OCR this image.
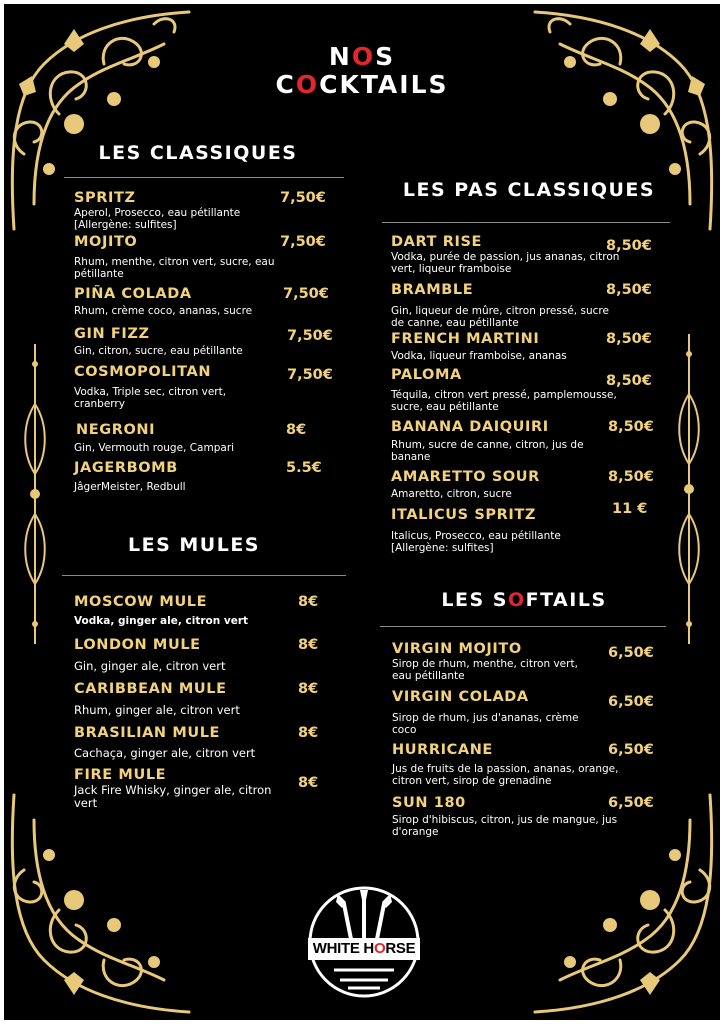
NOS
COCKTAILS
LES CLASSIQUES
SPRITZ	7,50€
Aperol, Prosecco, eau pétillante [Allergène: sulfites]
MOJITO	7,50€
Rhum, menthe, citron vert, sucre, eau pétillante
PIÑA COLADA	7,50€
Rhum, crème coco, ananas, sucre
GIN FIZZ	7,50€
Gin, citron, sucre, eau pétillante
COSMOPOLITAN	7,50€
Vodka, Triple sec, citron vert, cranberry
NEGRONI	8€
Gin, Vermouth rouge, Campari
JAGERBOMB	5.5€
JâgerMeister, Redbull
LES MULES
MOSCOW MULE	8€
Vodka, ginger ale, citron vert
LONDON MULE	8€
Gin, ginger ale, citron vert
CARIBBEAN MULE	8€
Rhum, ginger ale, citron vert
BRASILIAN MULE	8€
Cachaça, ginger ale, citron vert
FIRE MULE	8€
Jack Fire Whisky, ginger ale, citron vert
LES PAS CLASSIQUES
DART RISE	8,50€
Vodka, purée de passion, jus ananas, citron vert, liqueur framboise
BRAMBLE	8,50€
Gin, liqueur de mûre, citron pressé, sucre de canne, eau pétillante
FRENCH MARTINI	8,50€
Vodka, liqueur framboise, ananas
PALOMA	8,50€
Téquila, citron vert pressé, pamplemousse, sucre, eau pétillante
BANANA DAIQUIRI	8,50€
Rhum, sucre de canne, citron, jus de banane
AMARETTO SOUR	8,50€
Amaretto, citron, sucre
ITALICUS SPRITZ	11 €
Italicus, Prosecco, eau pétillante [Allergène: sulfites]
LES SOFTAILS
VIRGIN MOJITO	6,50€
Sirop de rhum, menthe, citron vert, eau pétillante
VIRGIN COLADA	6,50€
Sirop de rhum, jus d'ananas, crème coco
HURRICANE	6,50€
Jus de fruits de la passion, ananas, orange, citron vert, sirop de grenadine
SUN 180	6,50€
Sirop d'hibiscus, citron, jus de mangue, jus d'orange
WHITE HORSE
